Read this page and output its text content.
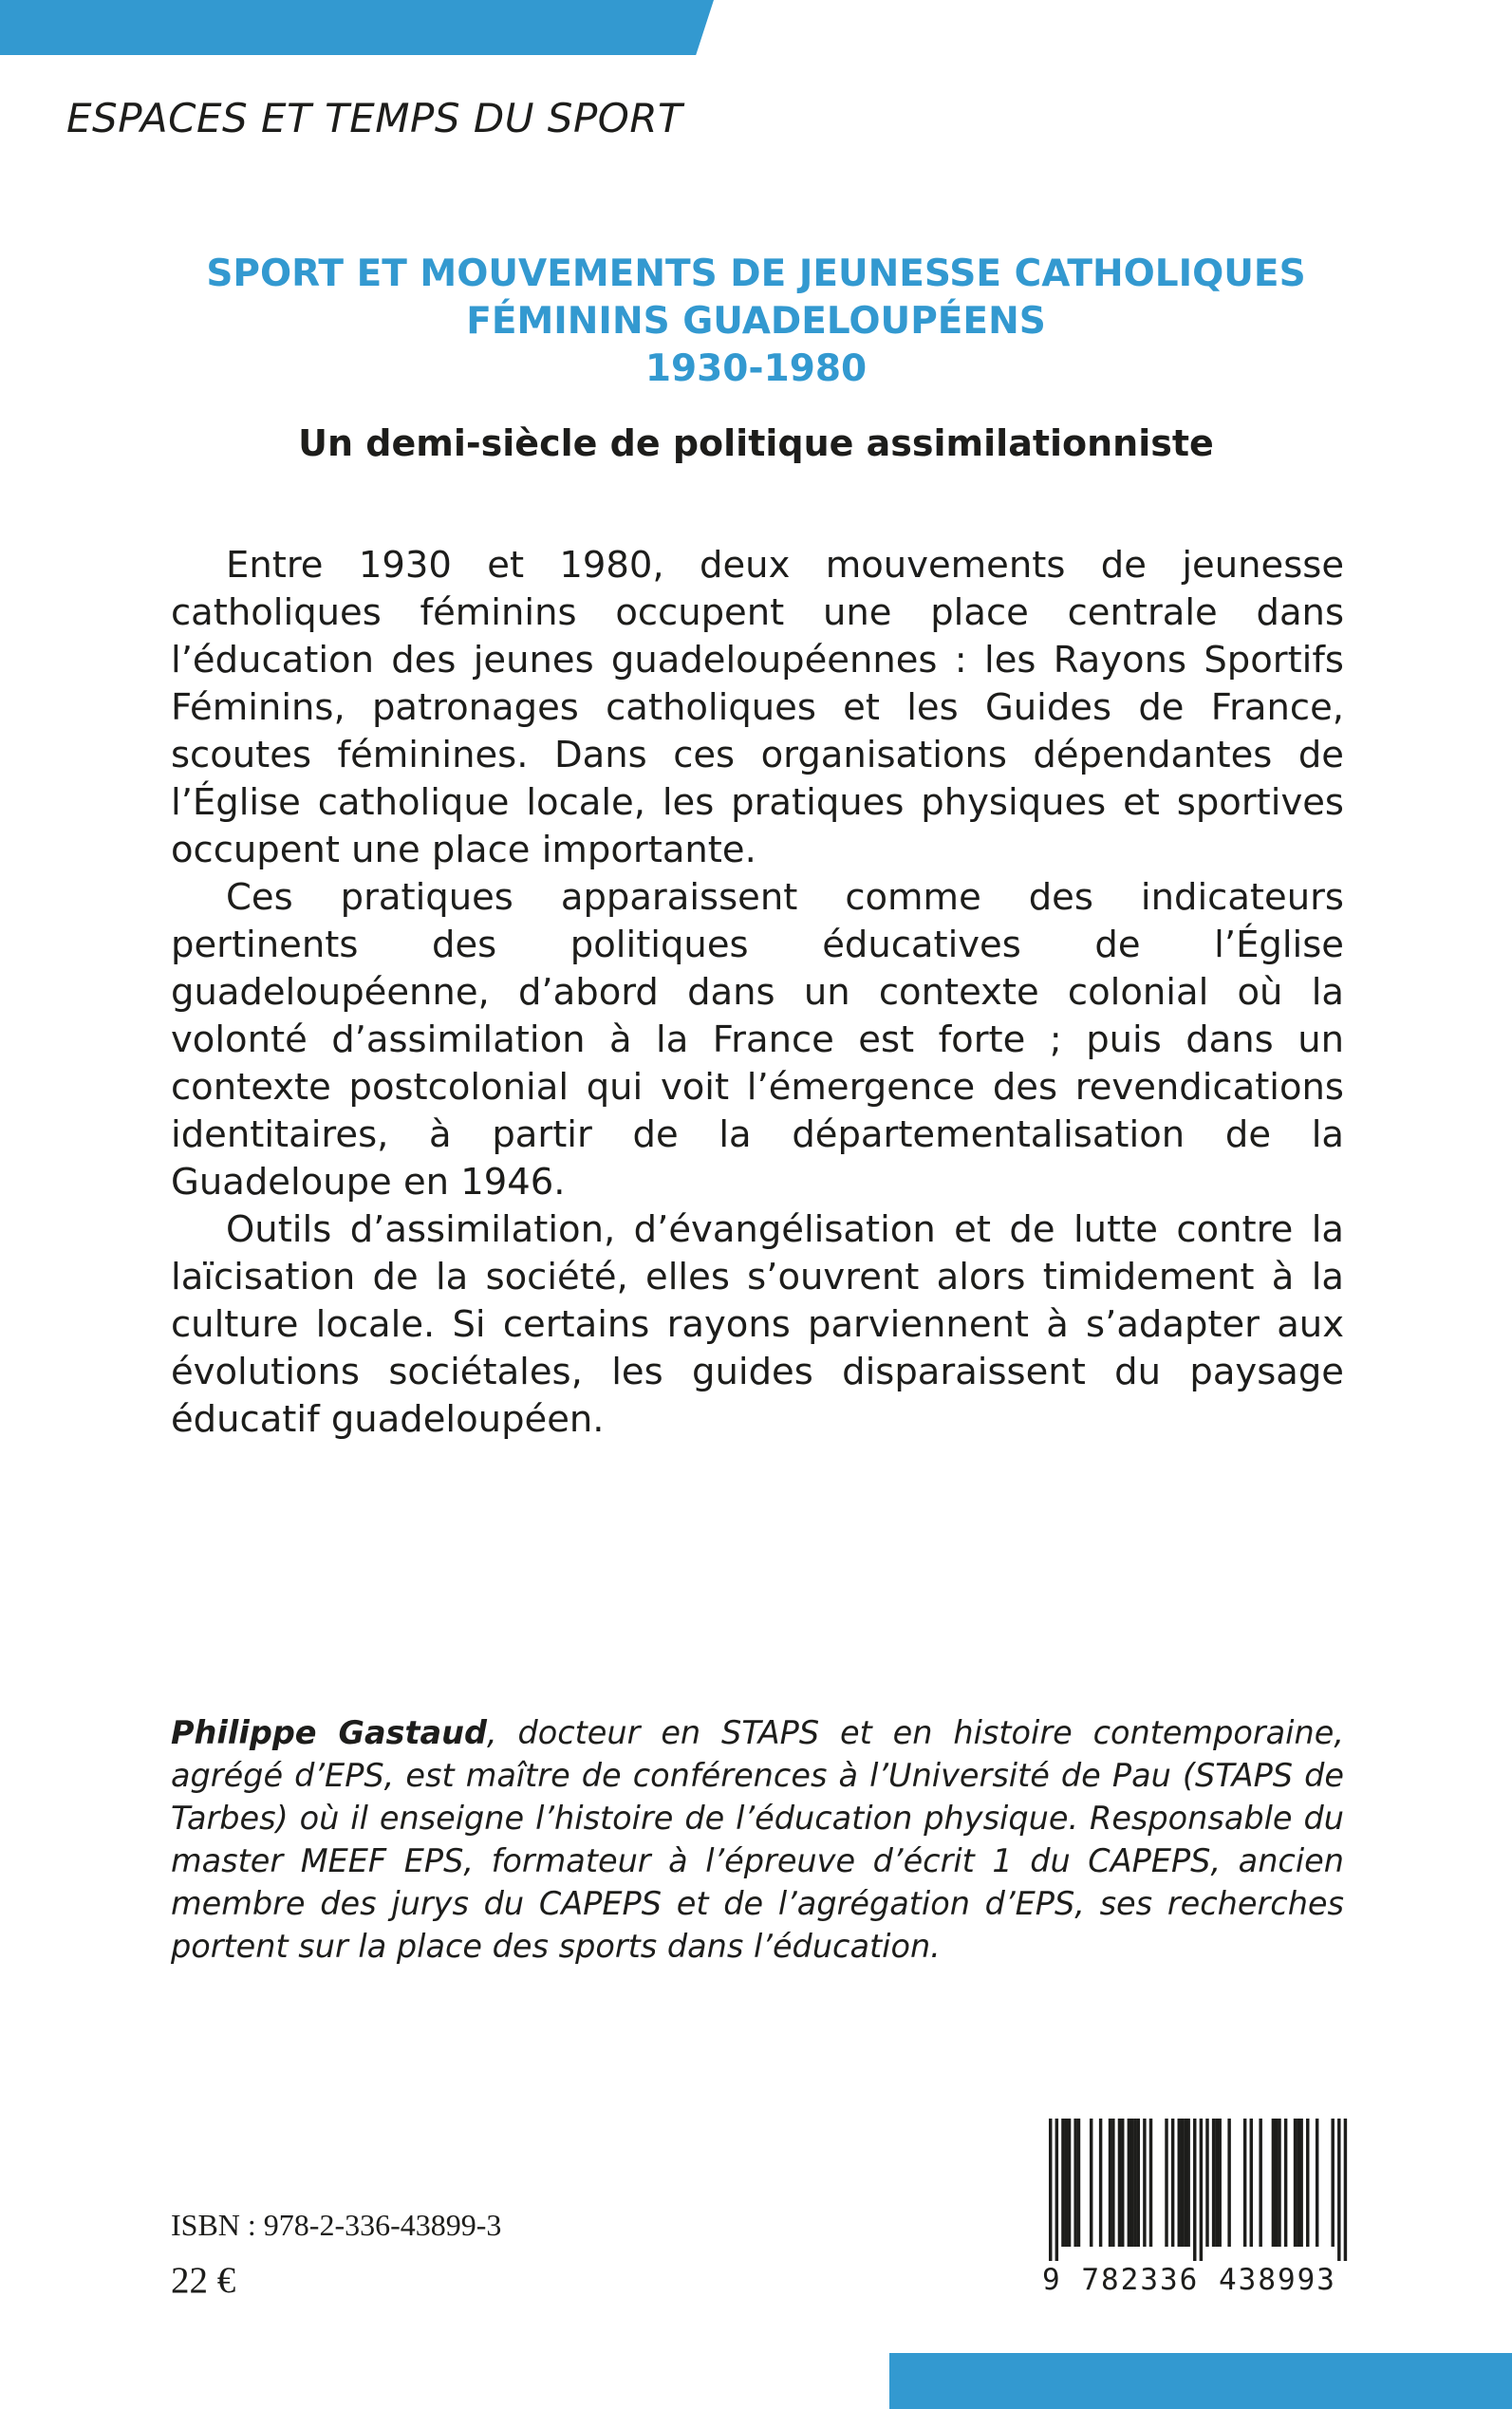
ESPACES ET TEMPS DU SPORT
SPORT ET MOUVEMENTS DE JEUNESSE CATHOLIQUES
FÉMININS GUADELOUPÉENS
1930-1980
Un demi-siècle de politique assimilationniste

Entre 1930 et 1980, deux mouvements de jeunesse catholiques féminins occupent une place centrale dans l’éducation des jeunes guadeloupéennes : les Rayons Sportifs Féminins, patronages catholiques et les Guides de France, scoutes féminines. Dans ces organisations dépendantes de l’Église catholique locale, les pratiques physiques et sportives occupent une place importante.

Ces pratiques apparaissent comme des indicateurs pertinents des politiques éducatives de l’Église guadeloupéenne, d’abord dans un contexte colonial où la volonté d’assimilation à la France est forte ; puis dans un contexte postcolonial qui voit l’émergence des revendications identitaires, à partir de la départementalisation de la Guadeloupe en 1946.

Outils d’assimilation, d’évangélisation et de lutte contre la laïcisation de la société, elles s’ouvrent alors timidement à la culture locale. Si certains rayons parviennent à s’adapter aux évolutions sociétales, les guides disparaissent du paysage éducatif guadeloupéen.

Philippe Gastaud, docteur en STAPS et en histoire contemporaine, agrégé d’EPS, est maître de conférences à l’Université de Pau (STAPS de Tarbes) où il enseigne l’histoire de l’éducation physique. Responsable du master MEEF EPS, formateur à l’épreuve d’écrit 1 du CAPEPS, ancien membre des jurys du CAPEPS et de l’agrégation d’EPS, ses recherches portent sur la place des sports dans l’éducation.
ISBN : 978-2-336-43899-3
22 €	9 782336 438993
